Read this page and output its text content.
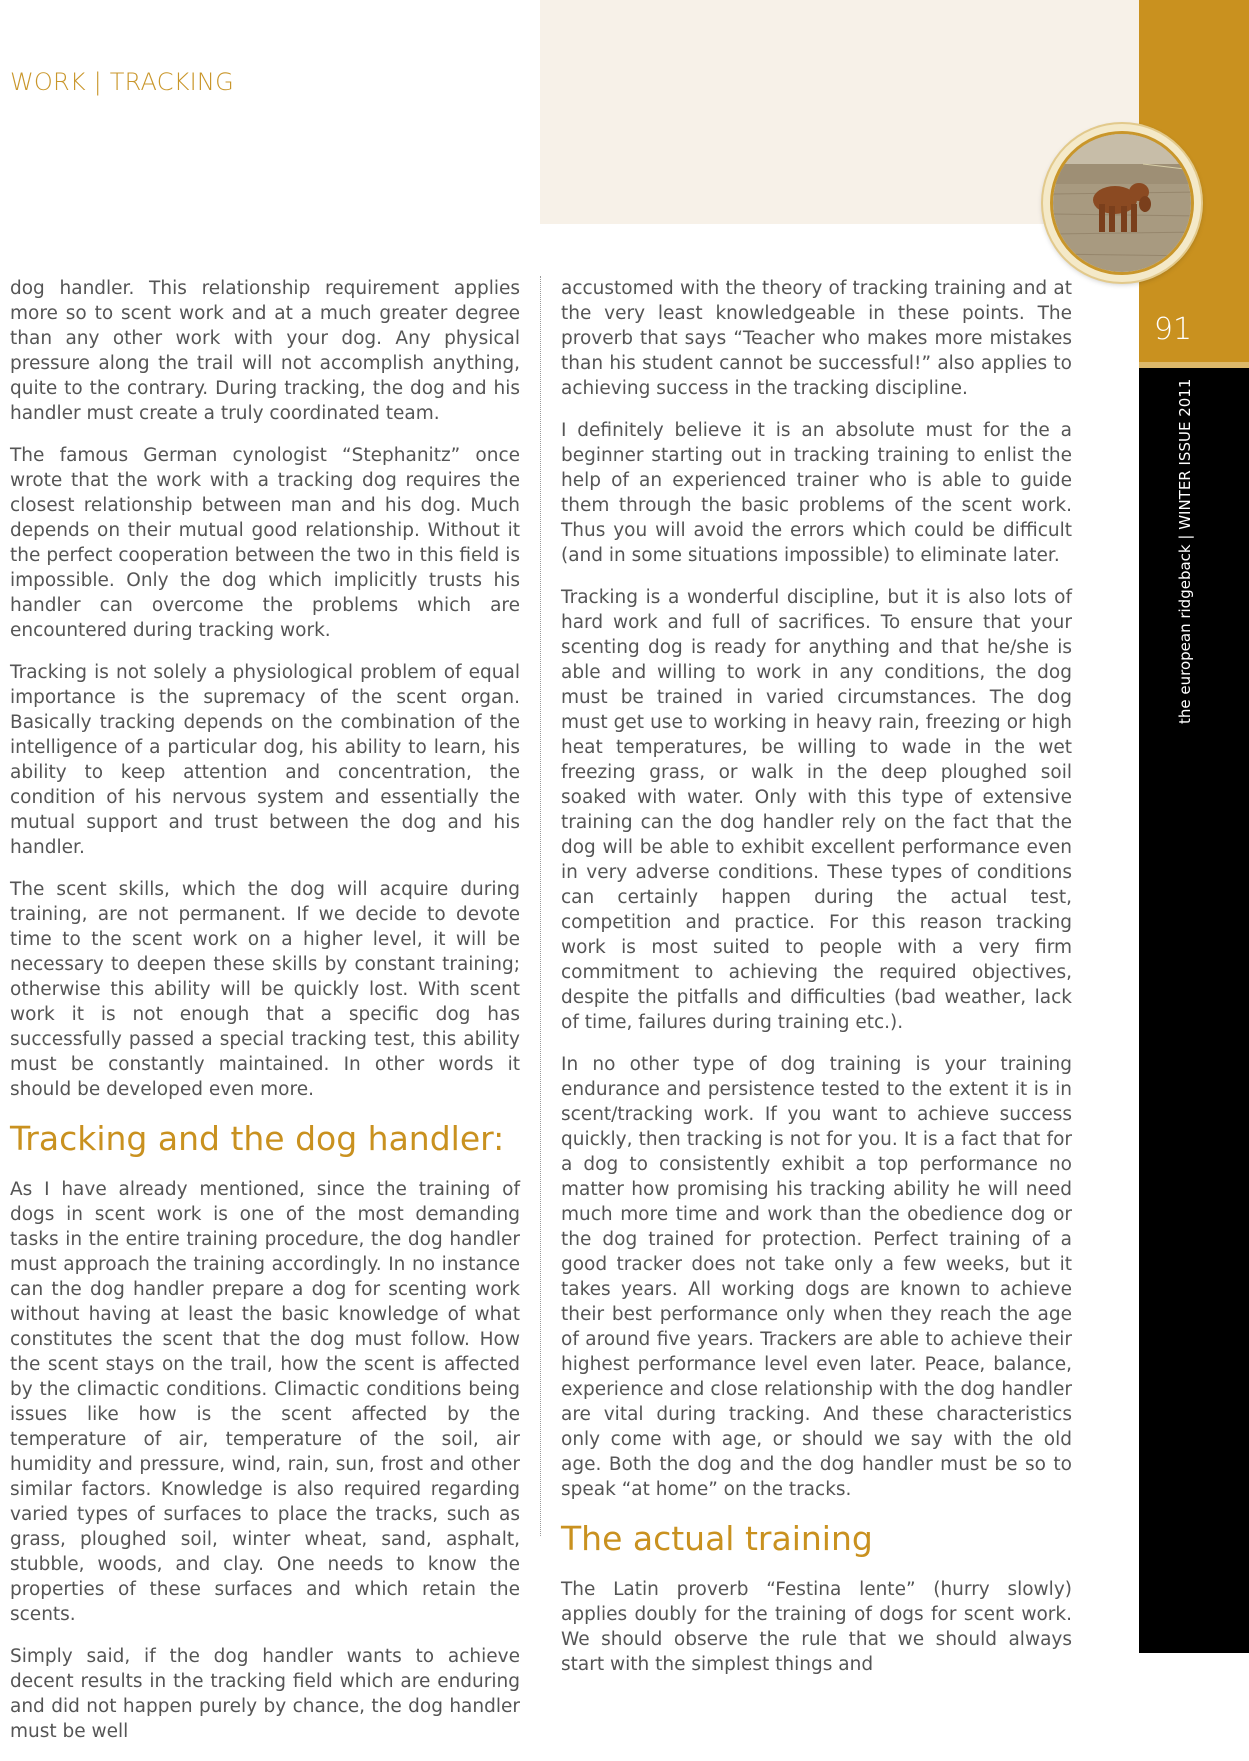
WORK | TRACKING
91
the european ridgeback | WINTER ISSUE 2011

dog handler. This relationship requirement applies more so to scent work and at a much greater degree than any other work with your dog. Any physical pressure along the trail will not accomplish anything, quite to the contrary. During tracking, the dog and his handler must create a truly coordinated team.

The famous German cynologist “Stephanitz” once wrote that the work with a tracking dog requires the closest relationship between man and his dog. Much depends on their mutual good relationship. Without it the perfect cooperation between the two in this field is impossible. Only the dog which implicitly trusts his handler can overcome the problems which are encountered during tracking work.

Tracking is not solely a physiological problem of equal importance is the supremacy of the scent organ. Basically tracking depends on the combination of the intelligence of a particular dog, his ability to learn, his ability to keep attention and concentration, the condition of his nervous system and essentially the mutual support and trust between the dog and his handler.

The scent skills, which the dog will acquire during training, are not permanent. If we decide to devote time to the scent work on a higher level, it will be necessary to deepen these skills by constant training; otherwise this ability will be quickly lost. With scent work it is not enough that a specific dog has successfully passed a special tracking test, this ability must be constantly maintained. In other words it should be developed even more.

Tracking and the dog handler:

As I have already mentioned, since the training of dogs in scent work is one of the most demanding tasks in the entire training procedure, the dog handler must approach the training accordingly. In no instance can the dog handler prepare a dog for scenting work without having at least the basic knowledge of what constitutes the scent that the dog must follow. How the scent stays on the trail, how the scent is affected by the climactic conditions. Climactic conditions being issues like how is the scent affected by the temperature of air, temperature of the soil, air humidity and pressure, wind, rain, sun, frost and other similar factors. Knowledge is also required regarding varied types of surfaces to place the tracks, such as grass, ploughed soil, winter wheat, sand, asphalt, stubble, woods, and clay. One needs to know the properties of these surfaces and which retain the scents.

Simply said, if the dog handler wants to achieve decent results in the tracking field which are enduring and did not happen purely by chance, the dog handler must be well

accustomed with the theory of tracking training and at the very least knowledgeable in these points. The proverb that says “Teacher who makes more mistakes than his student cannot be successful!” also applies to achieving success in the tracking discipline.

I definitely believe it is an absolute must for the a beginner starting out in tracking training to enlist the help of an experienced trainer who is able to guide them through the basic problems of the scent work. Thus you will avoid the errors which could be difficult (and in some situations impossible) to eliminate later.

Tracking is a wonderful discipline, but it is also lots of hard work and full of sacrifices. To ensure that your scenting dog is ready for anything and that he/she is able and willing to work in any conditions, the dog must be trained in varied circumstances. The dog must get use to working in heavy rain, freezing or high heat temperatures, be willing to wade in the wet freezing grass, or walk in the deep ploughed soil soaked with water. Only with this type of extensive training can the dog handler rely on the fact that the dog will be able to exhibit excellent performance even in very adverse conditions. These types of conditions can certainly happen during the actual test, competition and practice. For this reason tracking work is most suited to people with a very firm commitment to achieving the required objectives, despite the pitfalls and difficulties (bad weather, lack of time, failures during training etc.).

In no other type of dog training is your training endurance and persistence tested to the extent it is in scent/tracking work. If you want to achieve success quickly, then tracking is not for you. It is a fact that for a dog to consistently exhibit a top performance no matter how promising his tracking ability he will need much more time and work than the obedience dog or the dog trained for protection. Perfect training of a good tracker does not take only a few weeks, but it takes years. All working dogs are known to achieve their best performance only when they reach the age of around five years. Trackers are able to achieve their highest performance level even later. Peace, balance, experience and close relationship with the dog handler are vital during tracking. And these characteristics only come with age, or should we say with the old age. Both the dog and the dog handler must be so to speak “at home” on the tracks.

The actual training

The Latin proverb “Festina lente” (hurry slowly) applies doubly for the training of dogs for scent work. We should observe the rule that we should always start with the simplest things and
